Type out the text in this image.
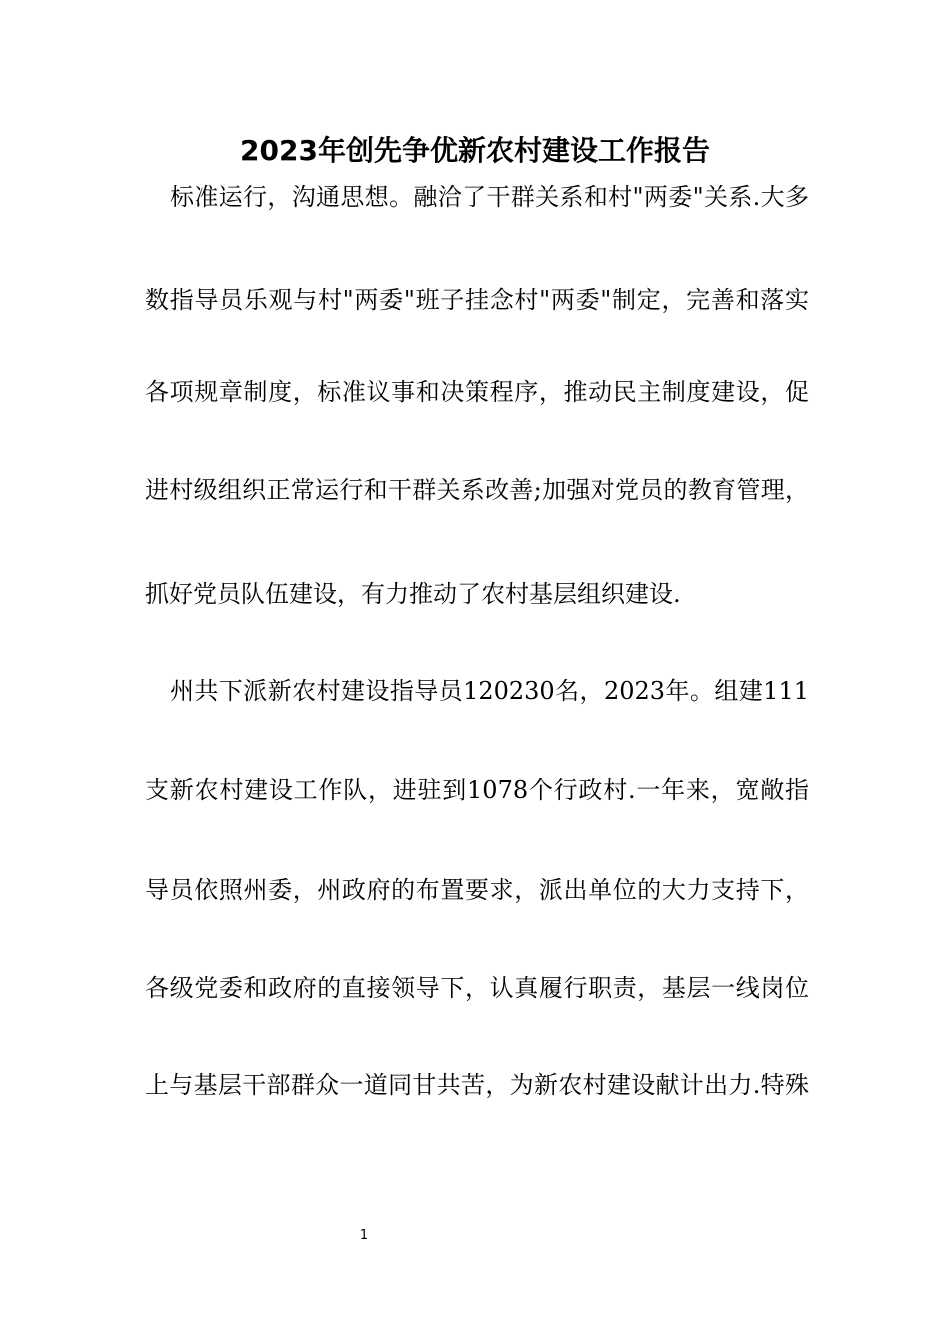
2023年创先争优新农村建设工作报告
标准运行，沟通思想。融洽了干群关系和村"两委"关系.大多
数指导员乐观与村"两委"班子挂念村"两委"制定，完善和落实
各项规章制度，标准议事和决策程序，推动民主制度建设，促
进村级组织正常运行和干群关系改善;加强对党员的教育管理，
抓好党员队伍建设，有力推动了农村基层组织建设.
州共下派新农村建设指导员120230名，2023年。组建111
支新农村建设工作队，进驻到1078个行政村.一年来，宽敞指
导员依照州委，州政府的布置要求，派出单位的大力支持下，
各级党委和政府的直接领导下，认真履行职责，基层一线岗位
上与基层干部群众一道同甘共苦，为新农村建设献计出力.特殊
1
